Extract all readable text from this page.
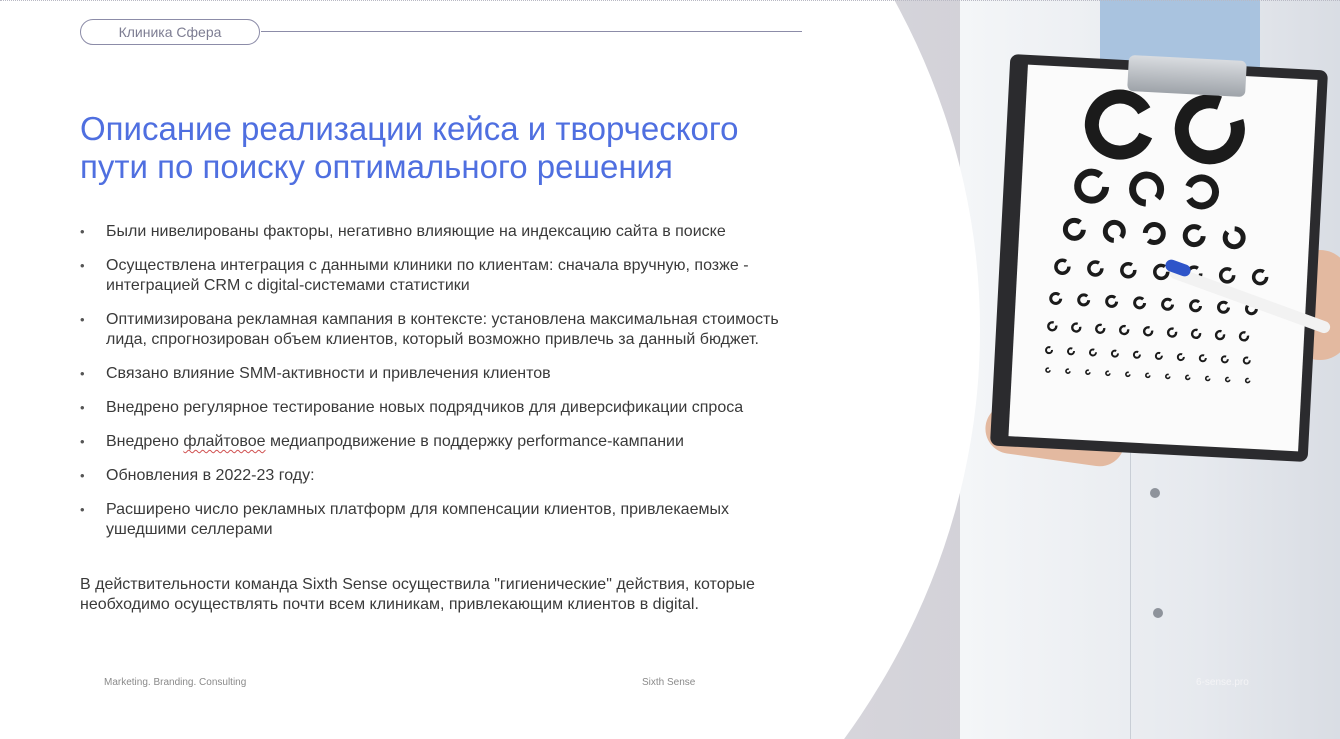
Клиника Сфера
Описание реализации кейса и творческого пути по поиску оптимального решения
• Были нивелированы факторы, негативно влияющие на индексацию сайта в поиске
• Осуществлена интеграция с данными клиники по клиентам: сначала вручную, позже - интеграцией CRM с digital-системами статистики
• Оптимизирована рекламная кампания в контексте: установлена максимальная стоимость лида, спрогнозирован объем клиентов, который возможно привлечь за данный бюджет.
• Связано влияние SMM-активности и привлечения клиентов
• Внедрено регулярное тестирование новых подрядчиков для диверсификации спроса
• Внедрено флайтовое медиапродвижение в поддержку performance-кампании
• Обновления в 2022-23 году:
• Расширено число рекламных платформ для компенсации клиентов, привлекаемых ушедшими селлерами

В действительности команда Sixth Sense осуществила "гигиенические" действия, которые необходимо осуществлять почти всем клиникам, привлекающим клиентов в digital.

Marketing. Branding. Consulting	Sixth Sense	6-sense.pro
